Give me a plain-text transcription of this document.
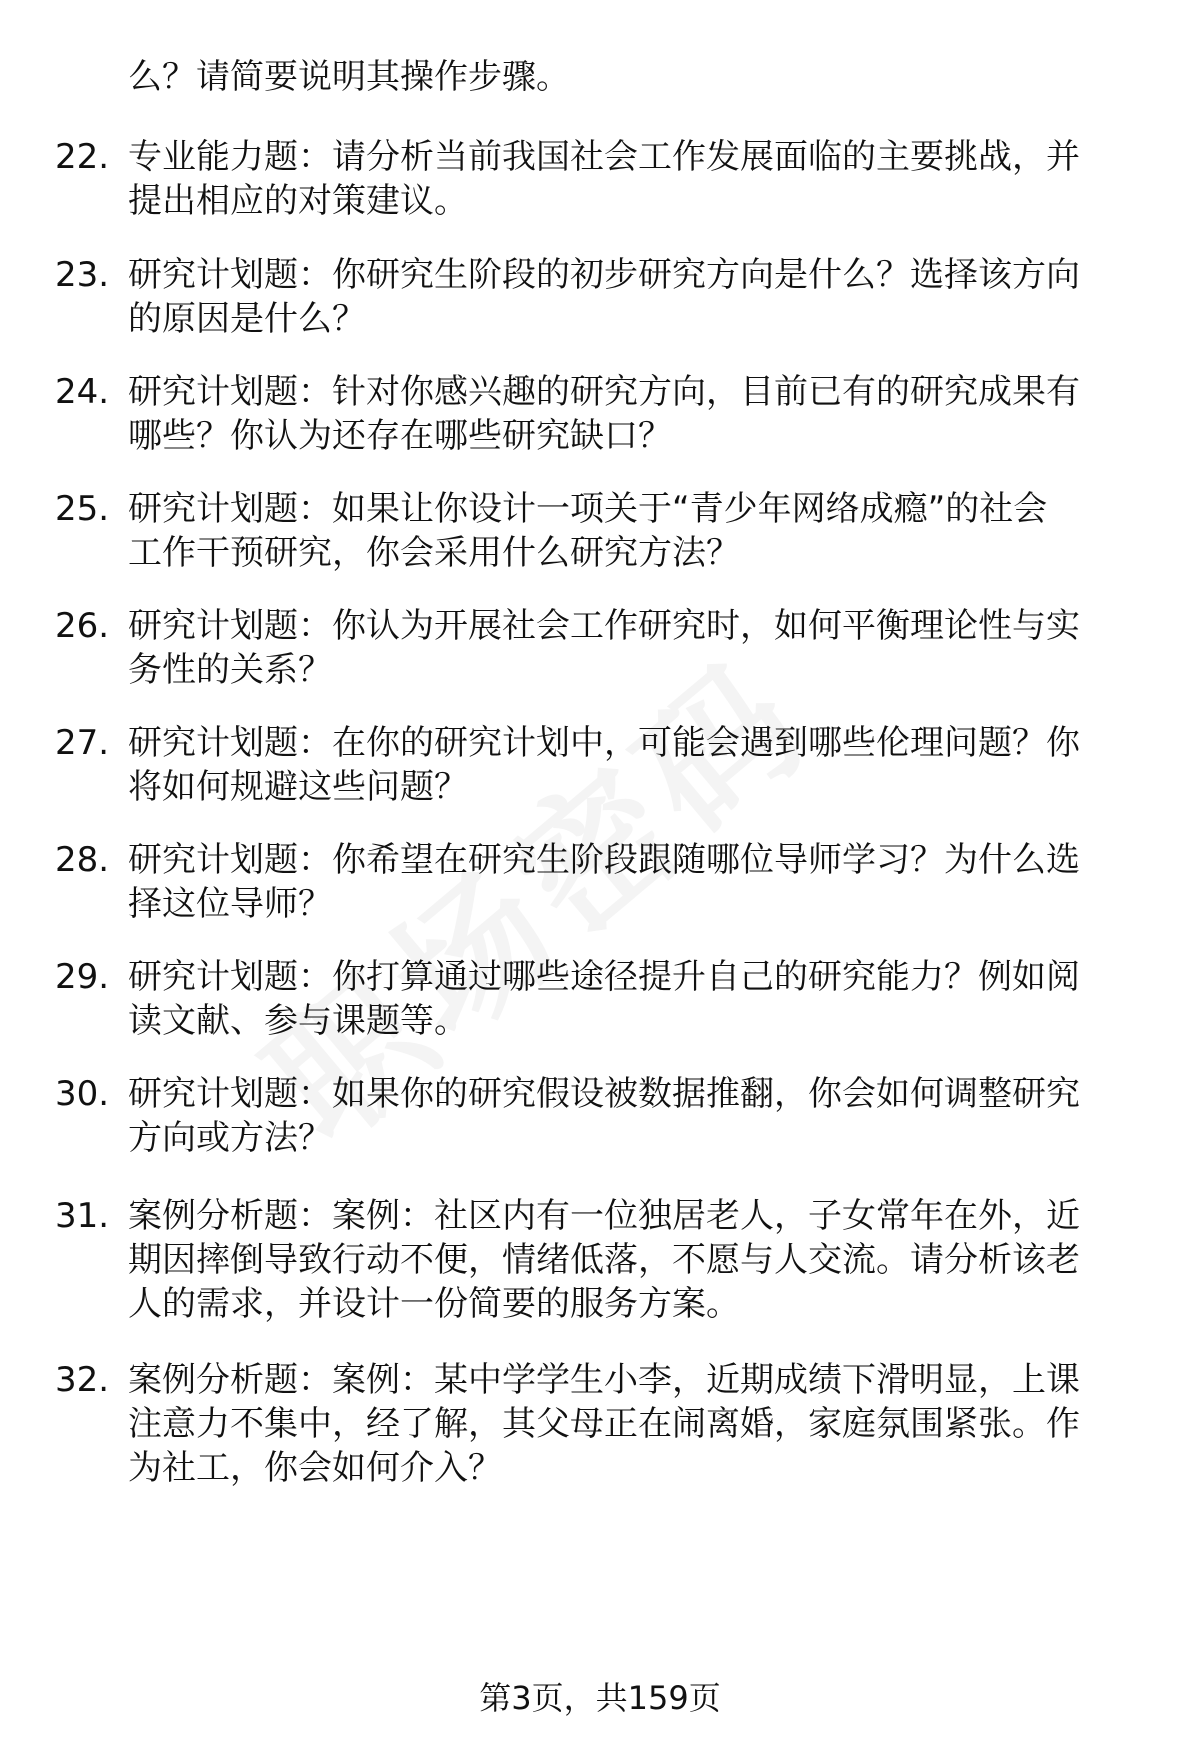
么？请简要说明其操作步骤。
22. 专业能力题：请分析当前我国社会工作发展面临的主要挑战，并
提出相应的对策建议。
23. 研究计划题：你研究生阶段的初步研究方向是什么？选择该方向
的原因是什么？
24. 研究计划题：针对你感兴趣的研究方向，目前已有的研究成果有
哪些？你认为还存在哪些研究缺口？
25. 研究计划题：如果让你设计一项关于“青少年网络成瘾”的社会
工作干预研究，你会采用什么研究方法？
26. 研究计划题：你认为开展社会工作研究时，如何平衡理论性与实
务性的关系？
27. 研究计划题：在你的研究计划中，可能会遇到哪些伦理问题？你
将如何规避这些问题？
28. 研究计划题：你希望在研究生阶段跟随哪位导师学习？为什么选
择这位导师？
29. 研究计划题：你打算通过哪些途径提升自己的研究能力？例如阅
读文献、参与课题等。
30. 研究计划题：如果你的研究假设被数据推翻，你会如何调整研究
方向或方法？
31. 案例分析题：案例：社区内有一位独居老人，子女常年在外，近
期因摔倒导致行动不便，情绪低落，不愿与人交流。请分析该老
人的需求，并设计一份简要的服务方案。
32. 案例分析题：案例：某中学学生小李，近期成绩下滑明显，上课
注意力不集中，经了解，其父母正在闹离婚，家庭氛围紧张。作
为社工，你会如何介入？
第3页，共159页
